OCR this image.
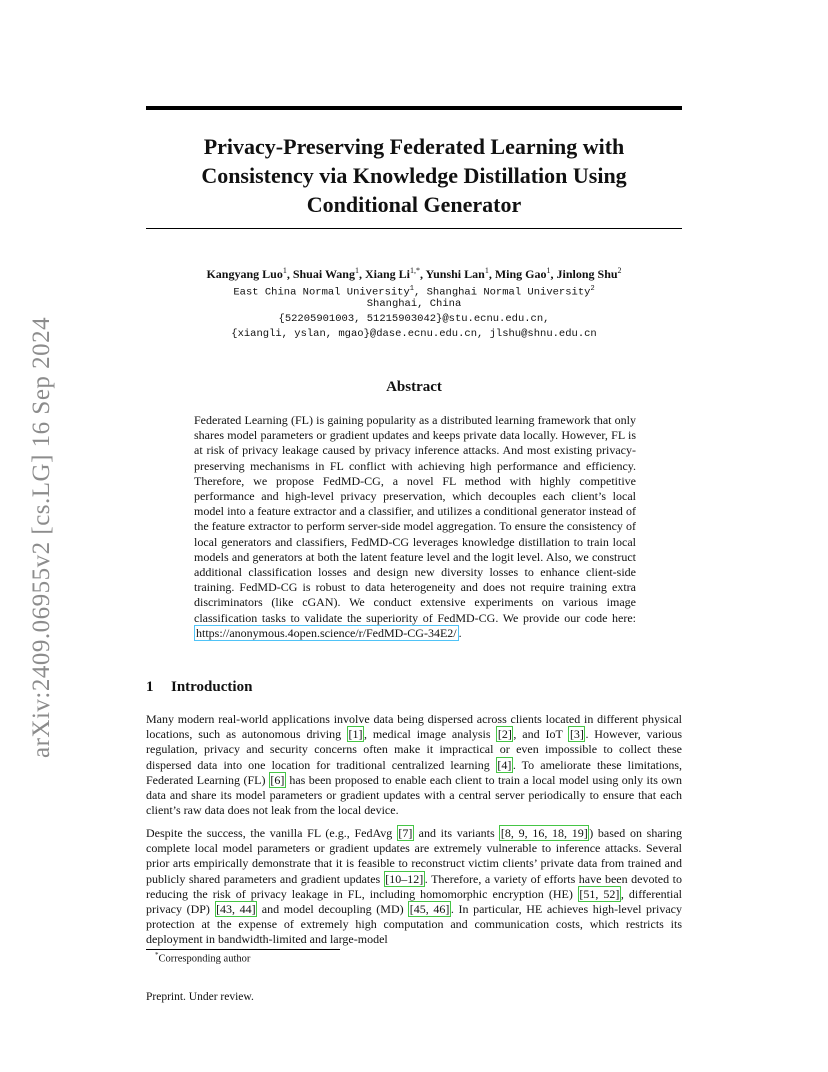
arXiv:2409.06955v2 [cs.LG] 16 Sep 2024
Privacy-Preserving Federated Learning with
Consistency via Knowledge Distillation Using
Conditional Generator
Kangyang Luo$^1$, Shuai Wang$^1$, Xiang $Li^{1,*}$, Yunshi Lan$^1$, Ming Gao$^1$, Jinlong Shu$^2$
East China Normal University$^1$, Shanghai Normal University$^2$
Shanghai, China
{52205901003, 51215903042}@stu.ecnu.edu.cn,
{xiangli, yslan, mgao}@dase.ecnu.edu.cn, jlshu@shnu.edu.cn
Abstract
Federated Learning (FL) is gaining popularity as a distributed learning framework that only shares model parameters or gradient updates and keeps private data locally. However, FL is at risk of privacy leakage caused by privacy inference attacks. And most existing privacy-preserving mechanisms in FL conflict with achieving high performance and efficiency. Therefore, we propose FedMD-CG, a novel FL method with highly competitive performance and high-level privacy preservation, which decouples each client’s local model into a feature extractor and a classifier, and utilizes a conditional generator instead of the feature extractor to perform server-side model aggregation. To ensure the consistency of local generators and classifiers, FedMD-CG leverages knowledge distillation to train local models and generators at both the latent feature level and the logit level. Also, we construct additional classification losses and design new diversity losses to enhance client-side training. FedMD-CG is robust to data heterogeneity and does not require training extra discriminators (like cGAN). We conduct extensive experiments on various image classification tasks to validate the superiority of FedMD-CG. We provide our code here: https://anonymous.4open.science/r/FedMD-CG-34E2/ .
1 Introduction
Many modern real-world applications involve data being dispersed across clients located in different physical locations, such as autonomous driving [1] , medical image analysis [2] , and IoT [3] . However, various regulation, privacy and security concerns often make it impractical or even impossible to collect these dispersed data into one location for traditional centralized learning [4] . To ameliorate these limitations, Federated Learning (FL) [6] has been proposed to enable each client to train a local model using only its own data and share its model parameters or gradient updates with a central server periodically to ensure that each client’s raw data does not leak from the local device.
Despite the success, the vanilla FL (e.g., FedAvg [7] and its variants [8, 9, 16, 18, 19] ) based on sharing complete local model parameters or gradient updates are extremely vulnerable to inference attacks. Several prior arts empirically demonstrate that it is feasible to reconstruct victim clients’ private data from trained and publicly shared parameters and gradient updates [10–12] . Therefore, a variety of efforts have been devoted to reducing the risk of privacy leakage in FL, including homomorphic encryption (HE) [51, 52] , differential privacy (DP) [43, 44] and model decoupling (MD) [45, 46] . In particular, HE achieves high-level privacy protection at the expense of extremely high computation and communication costs, which restricts its deployment in bandwidth-limited and large-model
*Corresponding author
Preprint. Under review.
